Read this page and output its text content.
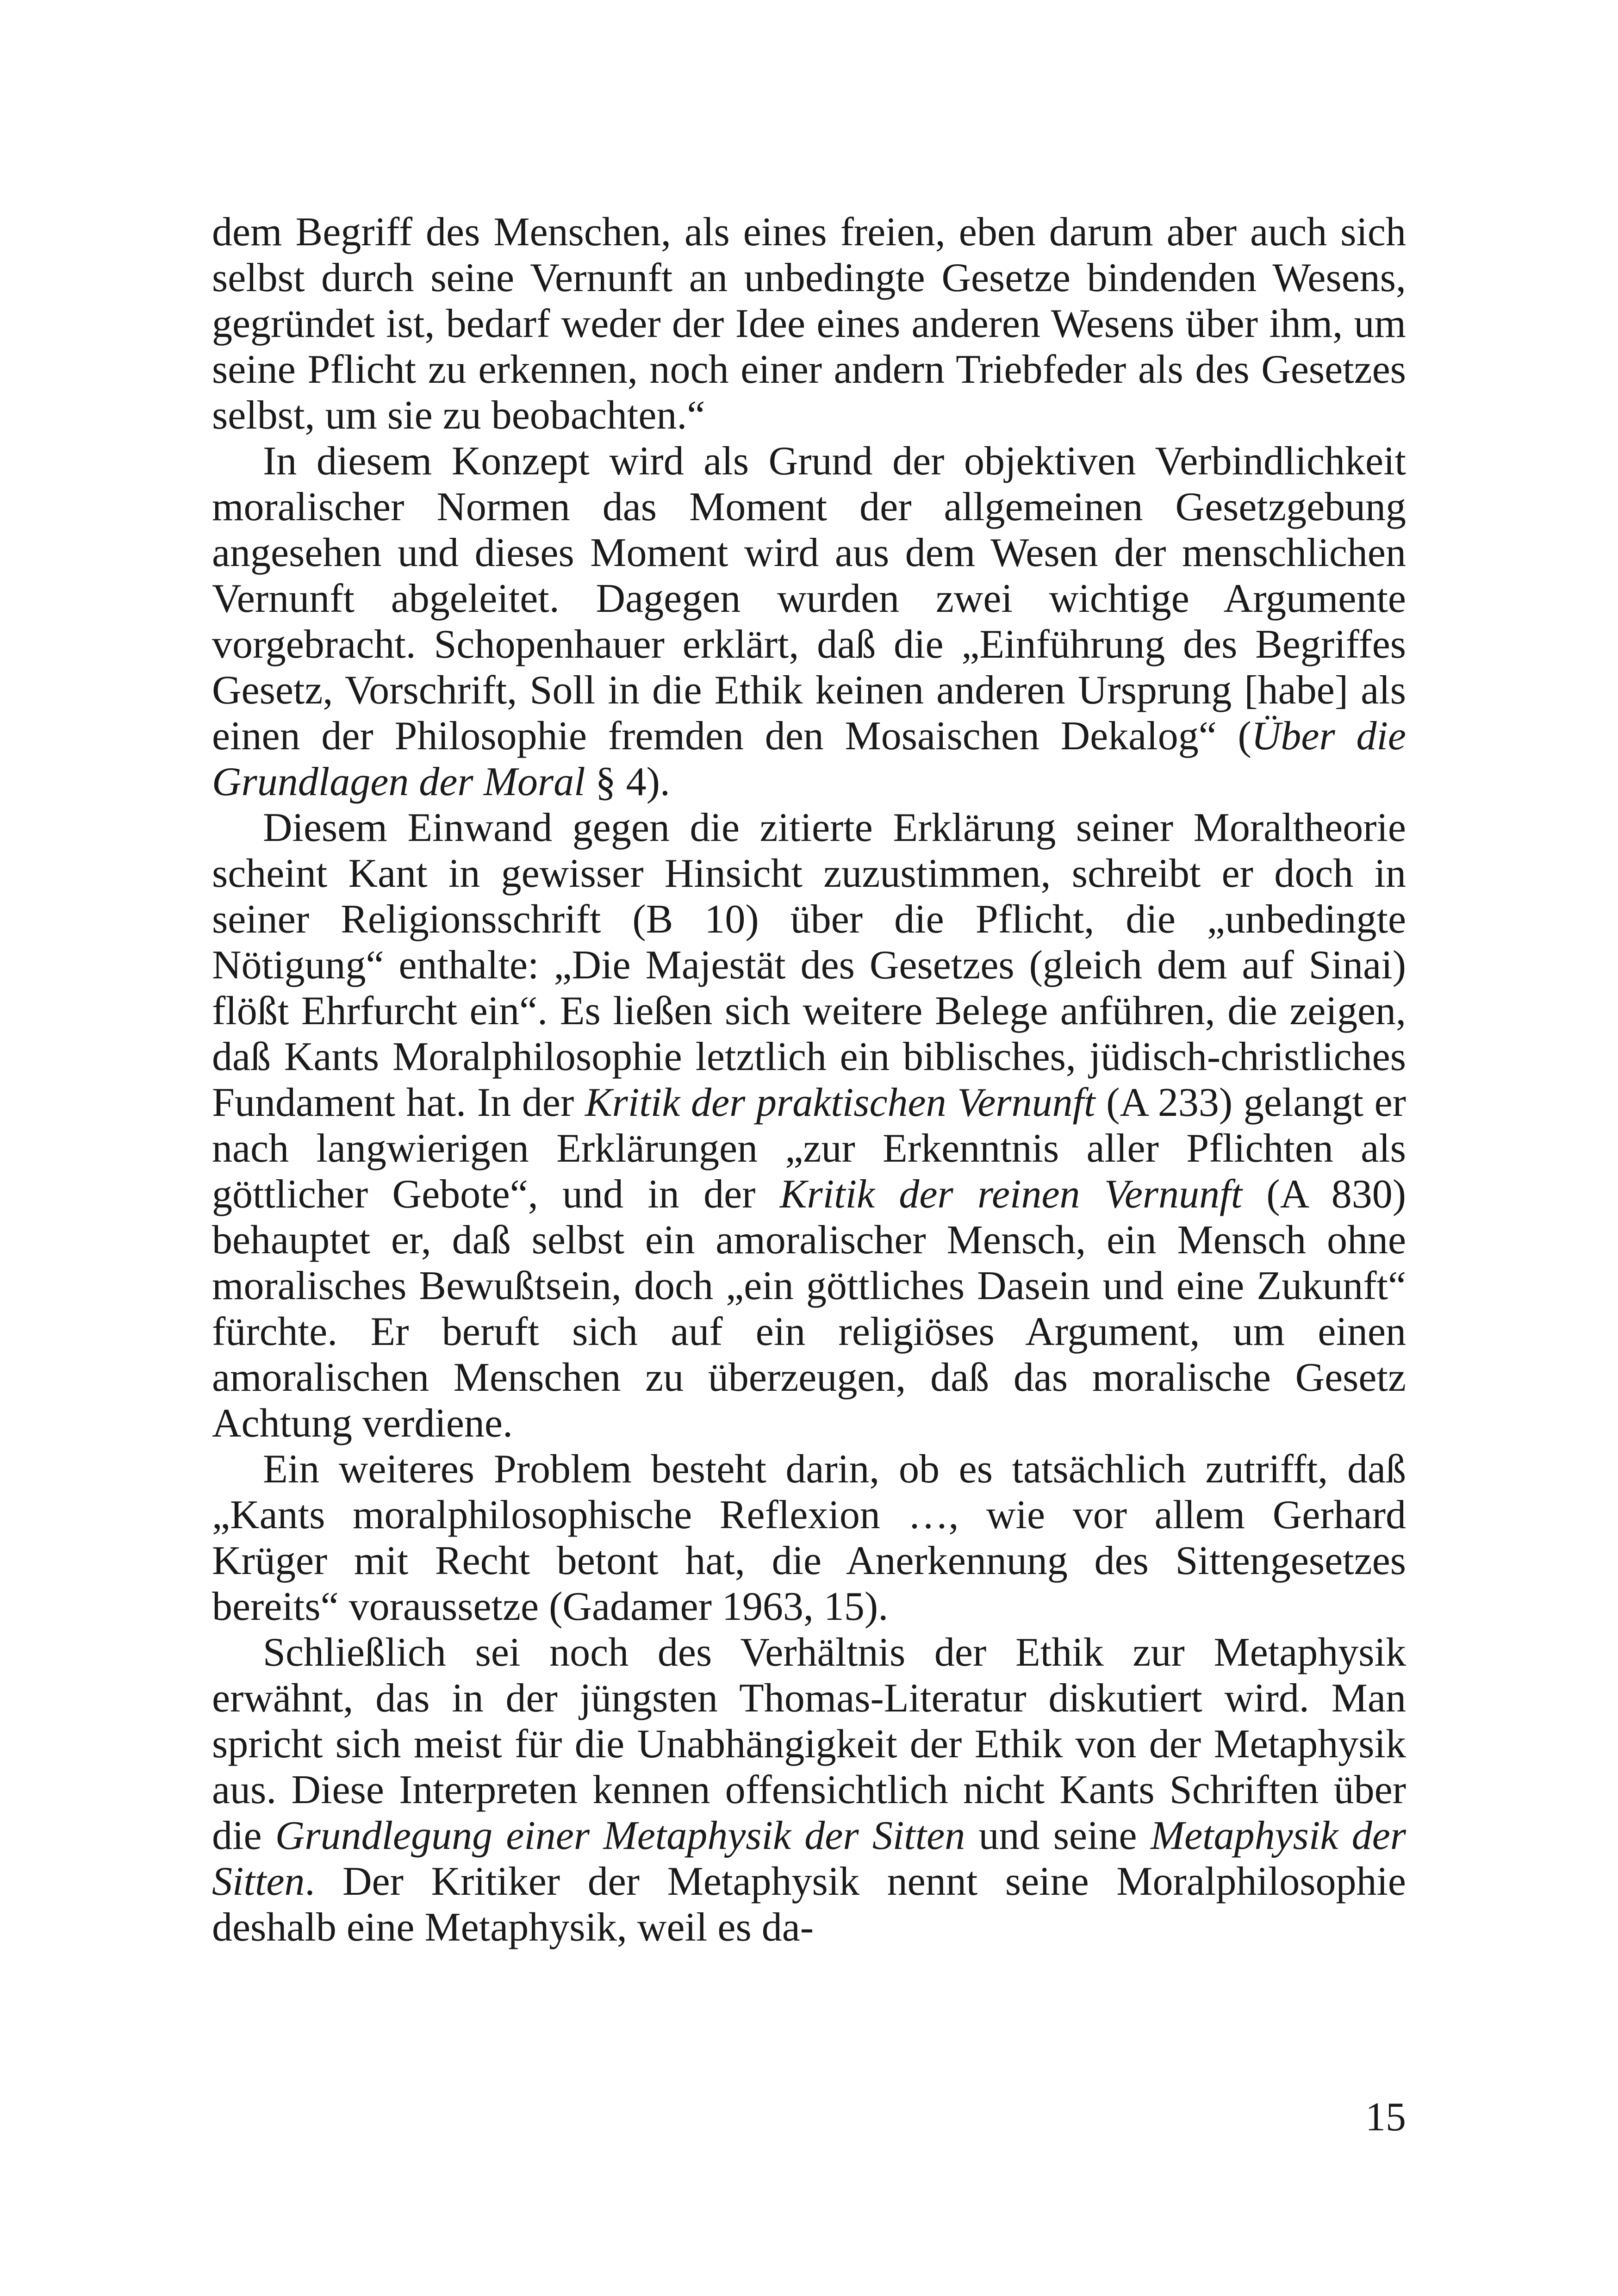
dem Begriff des Menschen, als eines freien, eben darum aber auch sich selbst durch seine Vernunft an unbedingte Gesetze bindenden Wesens, gegründet ist, bedarf weder der Idee eines anderen Wesens über ihm, um seine Pflicht zu erkennen, noch einer andern Triebfeder als des Gesetzes selbst, um sie zu beobachten.“

In diesem Konzept wird als Grund der objektiven Verbindlichkeit moralischer Normen das Moment der allgemeinen Gesetzgebung angesehen und dieses Moment wird aus dem Wesen der menschlichen Vernunft abgeleitet. Dagegen wurden zwei wichtige Argumente vorgebracht. Schopenhauer erklärt, daß die „Einführung des Begriffes Gesetz, Vorschrift, Soll in die Ethik keinen anderen Ursprung [habe] als einen der Philosophie fremden den Mosaischen Dekalog“ (Über die Grundlagen der Moral § 4).

Diesem Einwand gegen die zitierte Erklärung seiner Moraltheorie scheint Kant in gewisser Hinsicht zuzustimmen, schreibt er doch in seiner Religionsschrift (B 10) über die Pflicht, die „unbedingte Nötigung“ enthalte: „Die Majestät des Gesetzes (gleich dem auf Sinai) flößt Ehrfurcht ein“. Es ließen sich weitere Belege anführen, die zeigen, daß Kants Moralphilosophie letztlich ein biblisches, jüdisch-christliches Fundament hat. In der Kritik der praktischen Vernunft (A 233) gelangt er nach langwierigen Erklärungen „zur Erkenntnis aller Pflichten als göttlicher Gebote“, und in der Kritik der reinen Vernunft (A 830) behauptet er, daß selbst ein amoralischer Mensch, ein Mensch ohne moralisches Bewußtsein, doch „ein göttliches Dasein und eine Zukunft“ fürchte. Er beruft sich auf ein religiöses Argument, um einen amoralischen Menschen zu überzeugen, daß das moralische Gesetz Achtung verdiene.

Ein weiteres Problem besteht darin, ob es tatsächlich zutrifft, daß „Kants moralphilosophische Reflexion …, wie vor allem Gerhard Krüger mit Recht betont hat, die Anerkennung des Sittengesetzes bereits“ voraussetze (Gadamer 1963, 15).

Schließlich sei noch des Verhältnis der Ethik zur Metaphysik erwähnt, das in der jüngsten Thomas-Literatur diskutiert wird. Man spricht sich meist für die Unabhängigkeit der Ethik von der Metaphysik aus. Diese Interpreten kennen offensichtlich nicht Kants Schriften über die Grundlegung einer Metaphysik der Sitten und seine Metaphysik der Sitten. Der Kritiker der Metaphysik nennt seine Moralphilosophie deshalb eine Metaphysik, weil es da-

15
